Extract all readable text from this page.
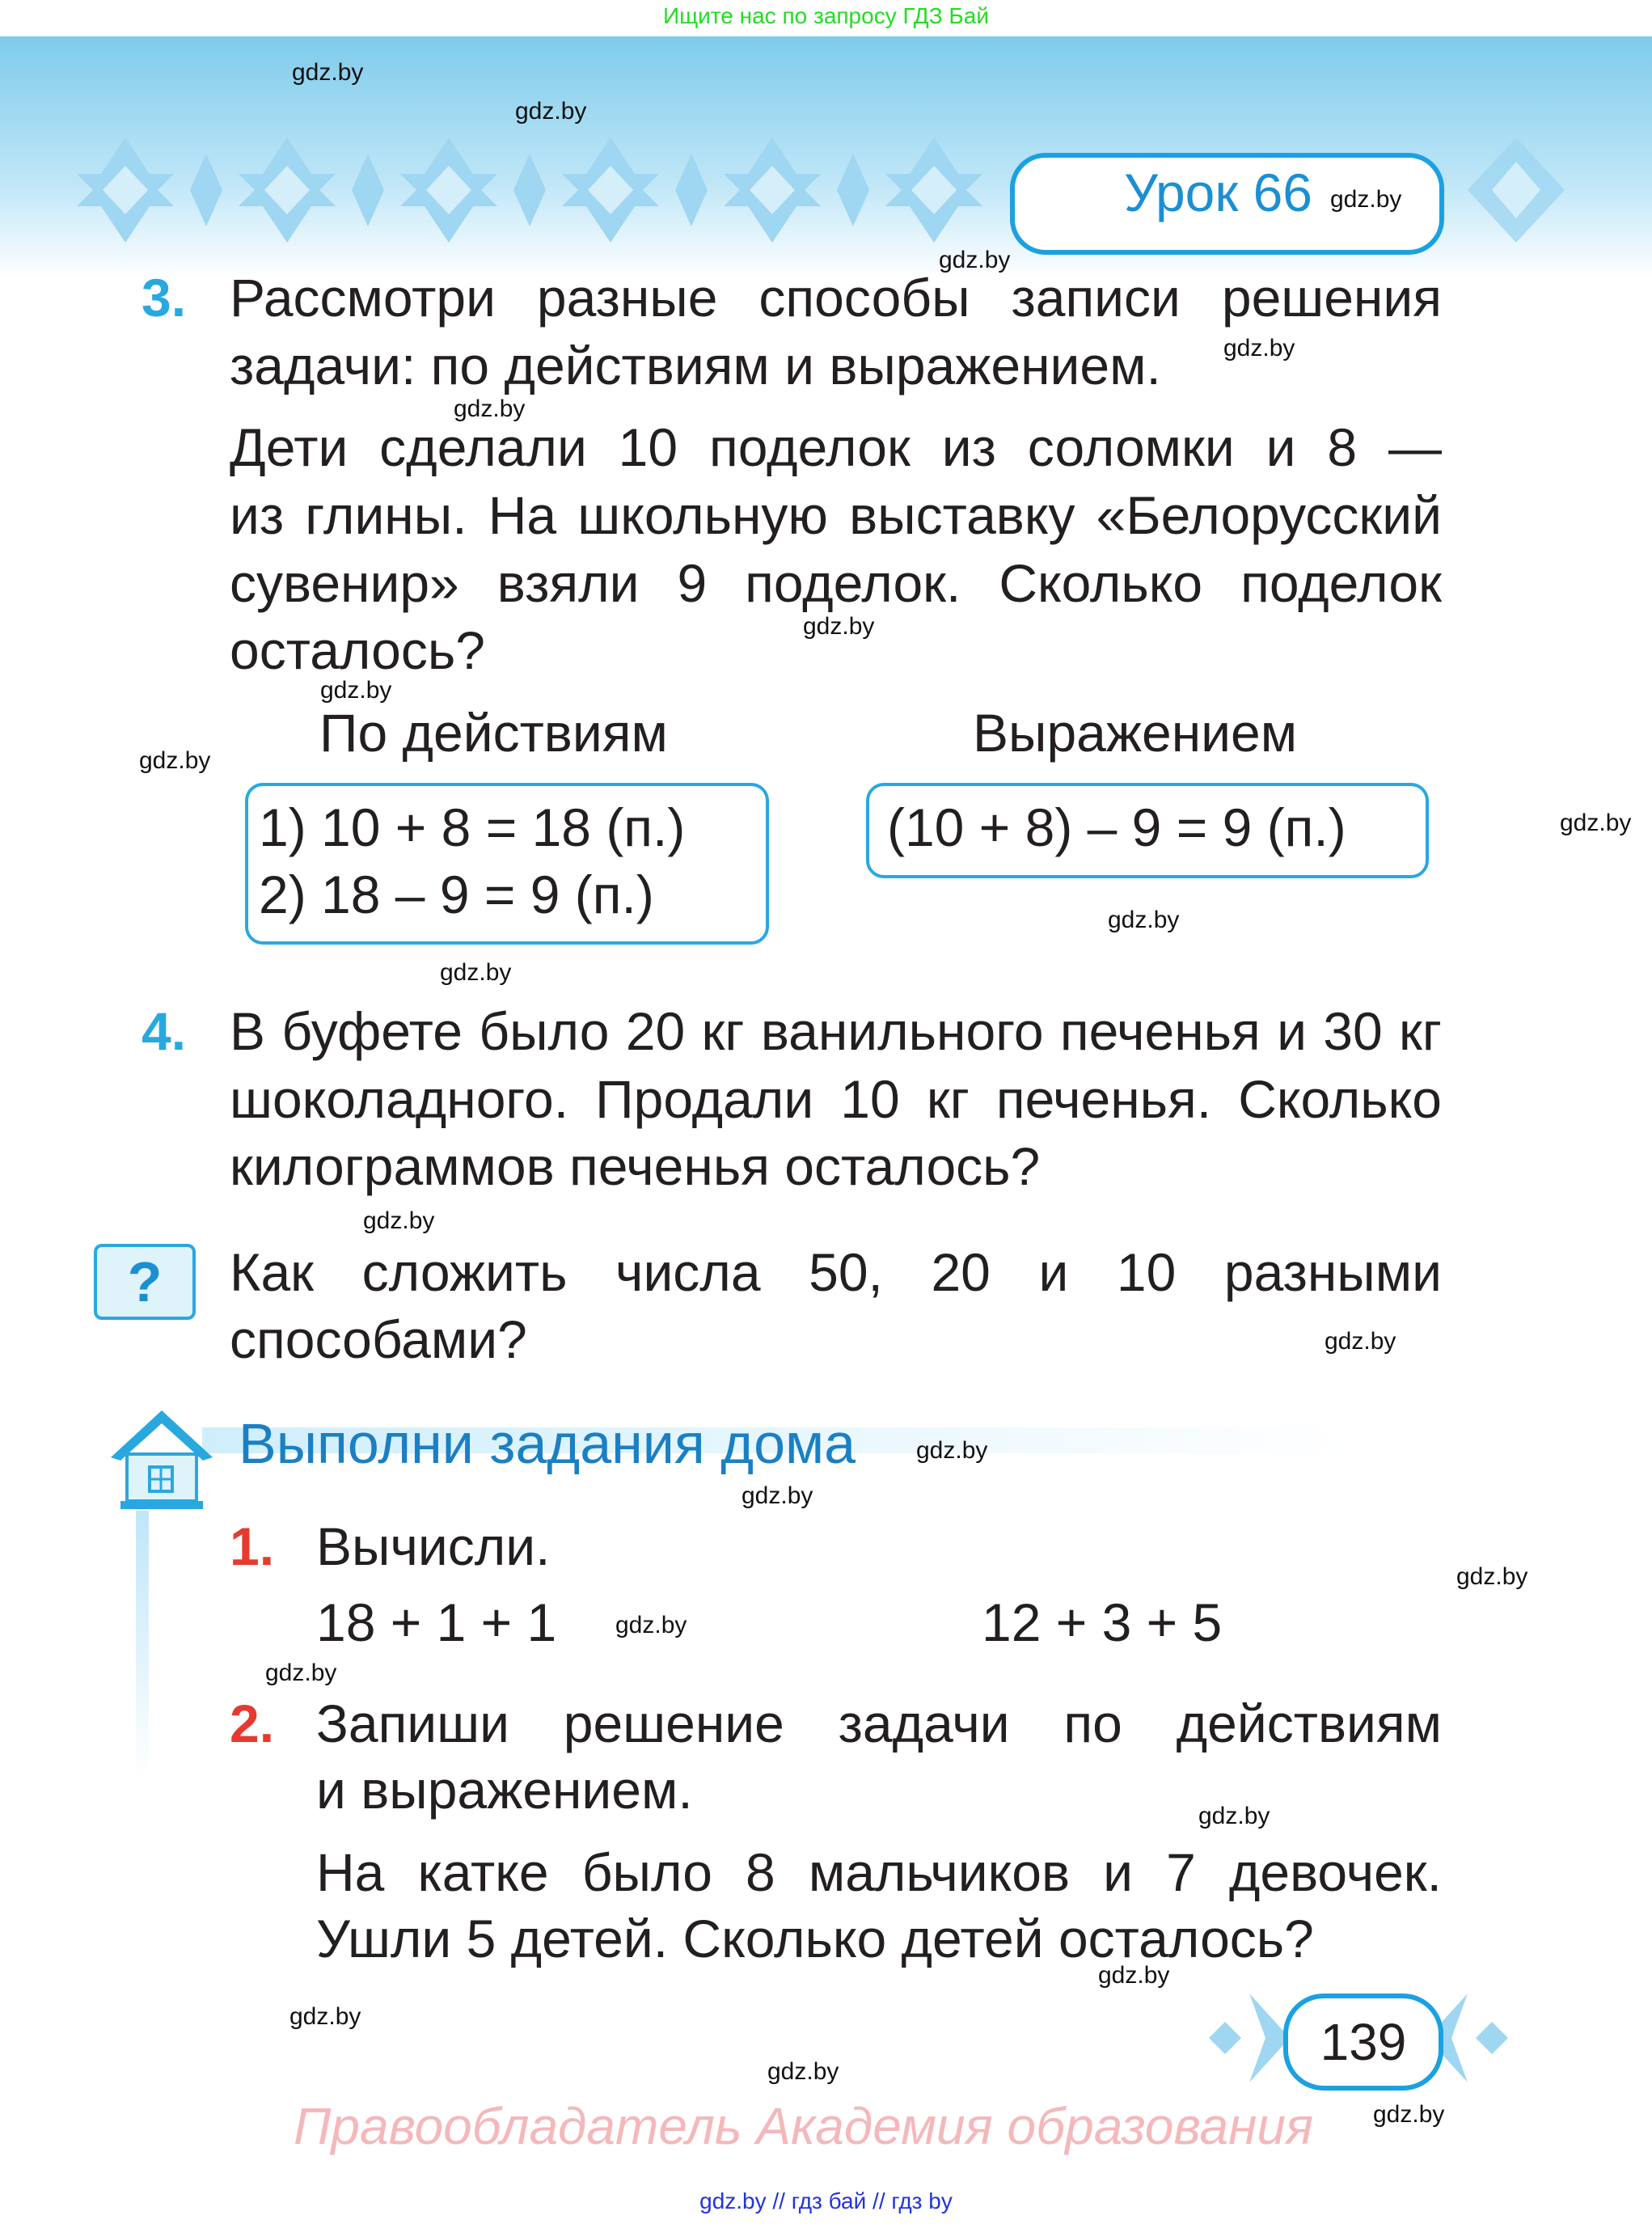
Ищите нас по запросу ГДЗ Бай
Урок 66
3. Рассмотри разные способы записи решения
задачи: по действиям и выражением.
Дети сделали 10 поделок из соломки и 8 —
из глины. На школьную выставку «Белорусский
сувенир» взяли 9 поделок. Сколько поделок
осталось?
По действиям	Выражением
1) 10 + 8 = 18 (п.)
2) 18 – 9 = 9 (п.)
(10 + 8) – 9 = 9 (п.)
4. В буфете было 20 кг ванильного печенья и 30 кг
шоколадного. Продали 10 кг печенья. Сколько
килограммов печенья осталось?
?	Как сложить числа 50, 20 и 10 разными
способами?
Выполни задания дома
1. Вычисли.
18 + 1 + 1	12 + 3 + 5
2. Запиши решение задачи по действиям
и выражением.
На катке было 8 мальчиков и 7 девочек.
Ушли 5 детей. Сколько детей осталось?
139
Правообладатель Академия образования
gdz.by // гдз бай // гдз by
gdz.by
gdz.by
gdz.by
gdz.by
gdz.by
gdz.by
gdz.by
gdz.by
gdz.by
gdz.by
gdz.by
gdz.by
gdz.by
gdz.by
gdz.by
gdz.by
gdz.by
gdz.by
gdz.by
gdz.by
gdz.by
gdz.by
gdz.by
gdz.by
